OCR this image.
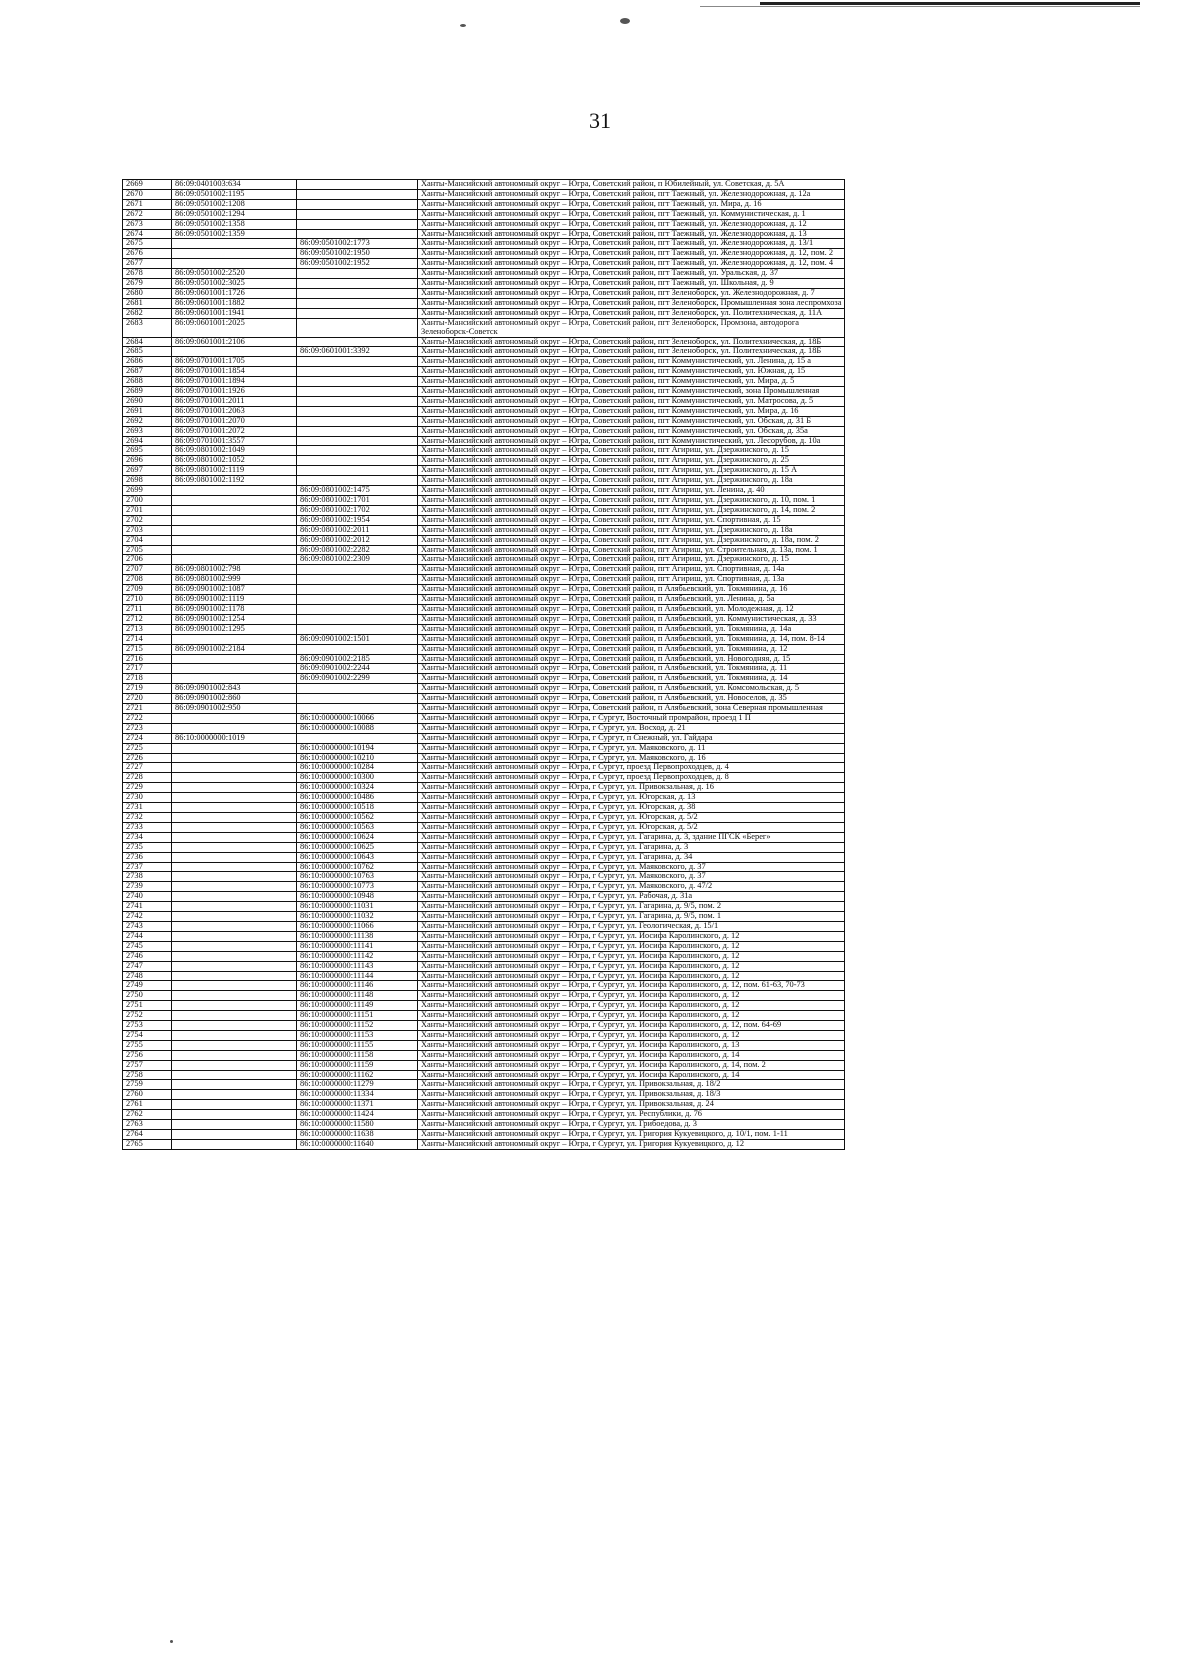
31
2669	86:09:0401003:634		Ханты-Мансийский автономный округ – Югра, Советский район, п Юбилейный, ул. Советская, д. 5А
2670	86:09:0501002:1195		Ханты-Мансийский автономный округ – Югра, Советский район, пгт Таежный, ул. Железнодорожная, д. 12а
2671	86:09:0501002:1208		Ханты-Мансийский автономный округ – Югра, Советский район, пгт Таежный, ул. Мира, д. 16
2672	86:09:0501002:1294		Ханты-Мансийский автономный округ – Югра, Советский район, пгт Таежный, ул. Коммунистическая, д. 1
2673	86:09:0501002:1358		Ханты-Мансийский автономный округ – Югра, Советский район, пгт Таежный, ул. Железнодорожная, д. 12
2674	86:09:0501002:1359		Ханты-Мансийский автономный округ – Югра, Советский район, пгт Таежный, ул. Железнодорожная, д. 13
2675		86:09:0501002:1773	Ханты-Мансийский автономный округ – Югра, Советский район, пгт Таежный, ул. Железнодорожная, д. 13/1
2676		86:09:0501002:1950	Ханты-Мансийский автономный округ – Югра, Советский район, пгт Таежный, ул. Железнодорожная, д. 12, пом. 2
2677		86:09:0501002:1952	Ханты-Мансийский автономный округ – Югра, Советский район, пгт Таежный, ул. Железнодорожная, д. 12, пом. 4
2678	86:09:0501002:2520		Ханты-Мансийский автономный округ – Югра, Советский район, пгт Таежный, ул. Уральская, д. 37
2679	86:09:0501002:3025		Ханты-Мансийский автономный округ – Югра, Советский район, пгт Таежный, ул. Школьная, д. 9
2680	86:09:0601001:1726		Ханты-Мансийский автономный округ – Югра, Советский район, пгт Зеленоборск, ул. Железнодорожная, д. 7
2681	86:09:0601001:1882		Ханты-Мансийский автономный округ – Югра, Советский район, пгт Зеленоборск, Промышленная зона леспромхоза
2682	86:09:0601001:1941		Ханты-Мансийский автономный округ – Югра, Советский район, пгт Зеленоборск, ул. Политехническая, д. 11А
2683	86:09:0601001:2025		Ханты-Мансийский автономный округ – Югра, Советский район, пгт Зеленоборск, Промзона, автодорога Зеленоборск-Советск
2684	86:09:0601001:2106		Ханты-Мансийский автономный округ – Югра, Советский район, пгт Зеленоборск, ул. Политехническая, д. 18Б
2685		86:09:0601001:3392	Ханты-Мансийский автономный округ – Югра, Советский район, пгт Зеленоборск, ул. Политехническая, д. 18Б
2686	86:09:0701001:1705		Ханты-Мансийский автономный округ – Югра, Советский район, пгт Коммунистический, ул. Ленина, д. 15 а
2687	86:09:0701001:1854		Ханты-Мансийский автономный округ – Югра, Советский район, пгт Коммунистический, ул. Южная, д. 15
2688	86:09:0701001:1894		Ханты-Мансийский автономный округ – Югра, Советский район, пгт Коммунистический, ул. Мира, д. 5
2689	86:09:0701001:1926		Ханты-Мансийский автономный округ – Югра, Советский район, пгт Коммунистический, зона Промышленная
2690	86:09:0701001:2011		Ханты-Мансийский автономный округ – Югра, Советский район, пгт Коммунистический, ул. Матросова, д. 5
2691	86:09:0701001:2063		Ханты-Мансийский автономный округ – Югра, Советский район, пгт Коммунистический, ул. Мира, д. 16
2692	86:09:0701001:2070		Ханты-Мансийский автономный округ – Югра, Советский район, пгт Коммунистический, ул. Обская, д. 31 Б
2693	86:09:0701001:2072		Ханты-Мансийский автономный округ – Югра, Советский район, пгт Коммунистический, ул. Обская, д. 35а
2694	86:09:0701001:3557		Ханты-Мансийский автономный округ – Югра, Советский район, пгт Коммунистический, ул. Лесорубов, д. 10а
2695	86:09:0801002:1049		Ханты-Мансийский автономный округ – Югра, Советский район, пгт Агириш, ул. Дзержинского, д. 15
2696	86:09:0801002:1052		Ханты-Мансийский автономный округ – Югра, Советский район, пгт Агириш, ул. Дзержинского, д. 25
2697	86:09:0801002:1119		Ханты-Мансийский автономный округ – Югра, Советский район, пгт Агириш, ул. Дзержинского, д. 15 А
2698	86:09:0801002:1192		Ханты-Мансийский автономный округ – Югра, Советский район, пгт Агириш, ул. Дзержинского, д. 18а
2699		86:09:0801002:1475	Ханты-Мансийский автономный округ – Югра, Советский район, пгт Агириш, ул. Ленина, д. 40
2700		86:09:0801002:1701	Ханты-Мансийский автономный округ – Югра, Советский район, пгт Агириш, ул. Дзержинского, д. 10, пом. 1
2701		86:09:0801002:1702	Ханты-Мансийский автономный округ – Югра, Советский район, пгт Агириш, ул. Дзержинского, д. 14, пом. 2
2702		86:09:0801002:1954	Ханты-Мансийский автономный округ – Югра, Советский район, пгт Агириш, ул. Спортивная, д. 15
2703		86:09:0801002:2011	Ханты-Мансийский автономный округ – Югра, Советский район, пгт Агириш, ул. Дзержинского, д. 18а
2704		86:09:0801002:2012	Ханты-Мансийский автономный округ – Югра, Советский район, пгт Агириш, ул. Дзержинского, д. 18а, пом. 2
2705		86:09:0801002:2282	Ханты-Мансийский автономный округ – Югра, Советский район, пгт Агириш, ул. Строительная, д. 13а, пом. 1
2706		86:09:0801002:2309	Ханты-Мансийский автономный округ – Югра, Советский район, пгт Агириш, ул. Дзержинского, д. 15
2707	86:09:0801002:798		Ханты-Мансийский автономный округ – Югра, Советский район, пгт Агириш, ул. Спортивная, д. 14а
2708	86:09:0801002:999		Ханты-Мансийский автономный округ – Югра, Советский район, пгт Агириш, ул. Спортивная, д. 13а
2709	86:09:0901002:1087		Ханты-Мансийский автономный округ – Югра, Советский район, п Алябьевский, ул. Токмянина, д. 16
2710	86:09:0901002:1119		Ханты-Мансийский автономный округ – Югра, Советский район, п Алябьевский, ул. Ленина, д. 5а
2711	86:09:0901002:1178		Ханты-Мансийский автономный округ – Югра, Советский район, п Алябьевский, ул. Молодежная, д. 12
2712	86:09:0901002:1254		Ханты-Мансийский автономный округ – Югра, Советский район, п Алябьевский, ул. Коммунистическая, д. 33
2713	86:09:0901002:1295		Ханты-Мансийский автономный округ – Югра, Советский район, п Алябьевский, ул. Токмянина, д. 14а
2714		86:09:0901002:1501	Ханты-Мансийский автономный округ – Югра, Советский район, п Алябьевский, ул. Токмянина, д. 14, пом. 8-14
2715	86:09:0901002:2184		Ханты-Мансийский автономный округ – Югра, Советский район, п Алябьевский, ул. Токмянина, д. 12
2716		86:09:0901002:2185	Ханты-Мансийский автономный округ – Югра, Советский район, п Алябьевский, ул. Новогодняя, д. 15
2717		86:09:0901002:2244	Ханты-Мансийский автономный округ – Югра, Советский район, п Алябьевский, ул. Токмянина, д. 11
2718		86:09:0901002:2299	Ханты-Мансийский автономный округ – Югра, Советский район, п Алябьевский, ул. Токмянина, д. 14
2719	86:09:0901002:843		Ханты-Мансийский автономный округ – Югра, Советский район, п Алябьевский, ул. Комсомольская, д. 5
2720	86:09:0901002:860		Ханты-Мансийский автономный округ – Югра, Советский район, п Алябьевский, ул. Новоселов, д. 35
2721	86:09:0901002:950		Ханты-Мансийский автономный округ – Югра, Советский район, п Алябьевский, зона Северная промышленная
2722		86:10:0000000:10066	Ханты-Мансийский автономный округ – Югра, г Сургут, Восточный промрайон, проезд 1 П
2723		86:10:0000000:10088	Ханты-Мансийский автономный округ – Югра, г Сургут, ул. Восход, д. 21
2724	86:10:0000000:1019		Ханты-Мансийский автономный округ – Югра, г Сургут, п Снежный, ул. Гайдара
2725		86:10:0000000:10194	Ханты-Мансийский автономный округ – Югра, г Сургут, ул. Маяковского, д. 11
2726		86:10:0000000:10210	Ханты-Мансийский автономный округ – Югра, г Сургут, ул. Маяковского, д. 16
2727		86:10:0000000:10284	Ханты-Мансийский автономный округ – Югра, г Сургут, проезд Первопроходцев, д. 4
2728		86:10:0000000:10300	Ханты-Мансийский автономный округ – Югра, г Сургут, проезд Первопроходцев, д. 8
2729		86:10:0000000:10324	Ханты-Мансийский автономный округ – Югра, г Сургут, ул. Привокзальная, д. 16
2730		86:10:0000000:10486	Ханты-Мансийский автономный округ – Югра, г Сургут, ул. Югорская, д. 13
2731		86:10:0000000:10518	Ханты-Мансийский автономный округ – Югра, г Сургут, ул. Югорская, д. 38
2732		86:10:0000000:10562	Ханты-Мансийский автономный округ – Югра, г Сургут, ул. Югорская, д. 5/2
2733		86:10:0000000:10563	Ханты-Мансийский автономный округ – Югра, г Сургут, ул. Югорская, д. 5/2
2734		86:10:0000000:10624	Ханты-Мансийский автономный округ – Югра, г Сургут, ул. Гагарина, д. 3, здание ПГСК «Берег»
2735		86:10:0000000:10625	Ханты-Мансийский автономный округ – Югра, г Сургут, ул. Гагарина, д. 3
2736		86:10:0000000:10643	Ханты-Мансийский автономный округ – Югра, г Сургут, ул. Гагарина, д. 34
2737		86:10:0000000:10762	Ханты-Мансийский автономный округ – Югра, г Сургут, ул. Маяковского, д. 37
2738		86:10:0000000:10763	Ханты-Мансийский автономный округ – Югра, г Сургут, ул. Маяковского, д. 37
2739		86:10:0000000:10773	Ханты-Мансийский автономный округ – Югра, г Сургут, ул. Маяковского, д. 47/2
2740		86:10:0000000:10948	Ханты-Мансийский автономный округ – Югра, г Сургут, ул. Рабочая, д. 31а
2741		86:10:0000000:11031	Ханты-Мансийский автономный округ – Югра, г Сургут, ул. Гагарина, д. 9/5, пом. 2
2742		86:10:0000000:11032	Ханты-Мансийский автономный округ – Югра, г Сургут, ул. Гагарина, д. 9/5, пом. 1
2743		86:10:0000000:11066	Ханты-Мансийский автономный округ – Югра, г Сургут, ул. Геологическая, д. 15/1
2744		86:10:0000000:11138	Ханты-Мансийский автономный округ – Югра, г Сургут, ул. Иосифа Каролинского, д. 12
2745		86:10:0000000:11141	Ханты-Мансийский автономный округ – Югра, г Сургут, ул. Иосифа Каролинского, д. 12
2746		86:10:0000000:11142	Ханты-Мансийский автономный округ – Югра, г Сургут, ул. Иосифа Каролинского, д. 12
2747		86:10:0000000:11143	Ханты-Мансийский автономный округ – Югра, г Сургут, ул. Иосифа Каролинского, д. 12
2748		86:10:0000000:11144	Ханты-Мансийский автономный округ – Югра, г Сургут, ул. Иосифа Каролинского, д. 12
2749		86:10:0000000:11146	Ханты-Мансийский автономный округ – Югра, г Сургут, ул. Иосифа Каролинского, д. 12, пом. 61-63, 70-73
2750		86:10:0000000:11148	Ханты-Мансийский автономный округ – Югра, г Сургут, ул. Иосифа Каролинского, д. 12
2751		86:10:0000000:11149	Ханты-Мансийский автономный округ – Югра, г Сургут, ул. Иосифа Каролинского, д. 12
2752		86:10:0000000:11151	Ханты-Мансийский автономный округ – Югра, г Сургут, ул. Иосифа Каролинского, д. 12
2753		86:10:0000000:11152	Ханты-Мансийский автономный округ – Югра, г Сургут, ул. Иосифа Каролинского, д. 12, пом. 64-69
2754		86:10:0000000:11153	Ханты-Мансийский автономный округ – Югра, г Сургут, ул. Иосифа Каролинского, д. 12
2755		86:10:0000000:11155	Ханты-Мансийский автономный округ – Югра, г Сургут, ул. Иосифа Каролинского, д. 13
2756		86:10:0000000:11158	Ханты-Мансийский автономный округ – Югра, г Сургут, ул. Иосифа Каролинского, д. 14
2757		86:10:0000000:11159	Ханты-Мансийский автономный округ – Югра, г Сургут, ул. Иосифа Каролинского, д. 14, пом. 2
2758		86:10:0000000:11162	Ханты-Мансийский автономный округ – Югра, г Сургут, ул. Иосифа Каролинского, д. 14
2759		86:10:0000000:11279	Ханты-Мансийский автономный округ – Югра, г Сургут, ул. Привокзальная, д. 18/2
2760		86:10:0000000:11334	Ханты-Мансийский автономный округ – Югра, г Сургут, ул. Привокзальная, д. 18/3
2761		86:10:0000000:11371	Ханты-Мансийский автономный округ – Югра, г Сургут, ул. Привокзальная, д. 24
2762		86:10:0000000:11424	Ханты-Мансийский автономный округ – Югра, г Сургут, ул. Республики, д. 76
2763		86:10:0000000:11580	Ханты-Мансийский автономный округ – Югра, г Сургут, ул. Грибоедова, д. 3
2764		86:10:0000000:11638	Ханты-Мансийский автономный округ – Югра, г Сургут, ул. Григория Кукуевицкого, д. 10/1, пом. 1-11
2765		86:10:0000000:11640	Ханты-Мансийский автономный округ – Югра, г Сургут, ул. Григория Кукуевицкого, д. 12
